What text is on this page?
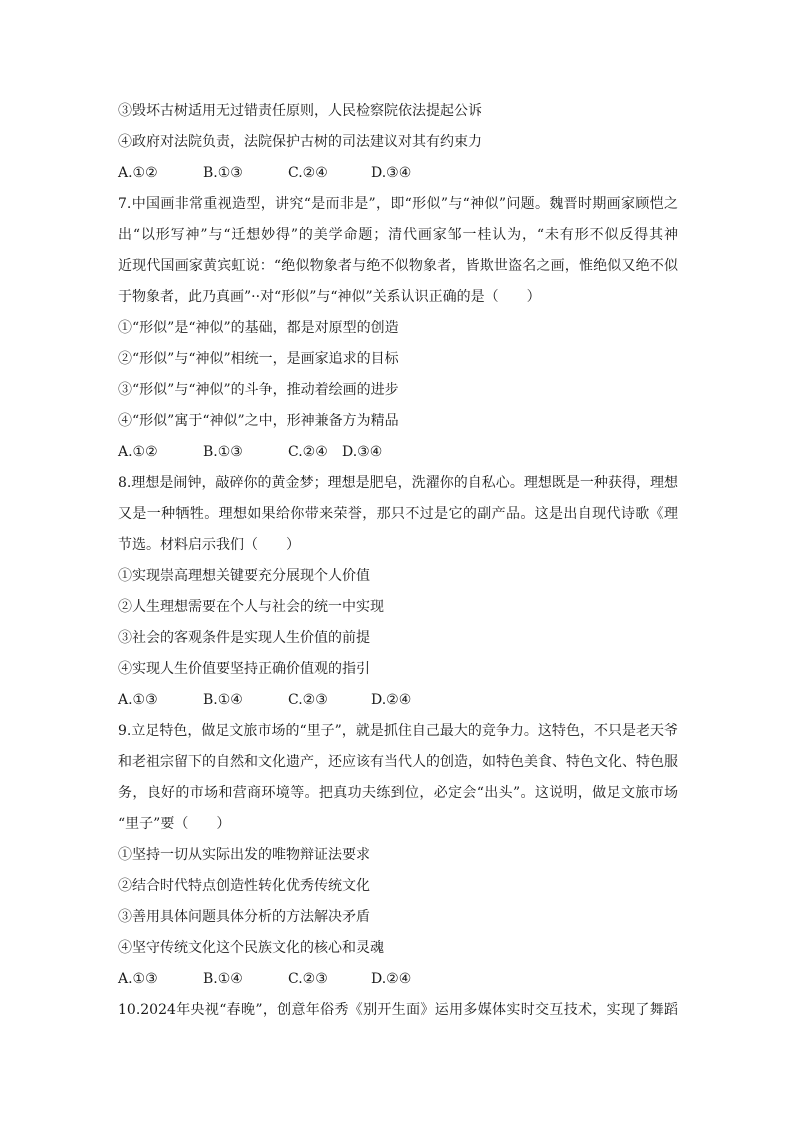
③毁坏古树适用无过错责任原则，人民检察院依法提起公诉
④政府对法院负责，法院保护古树的司法建议对其有约束力
A.①②	B.①③	C.②④	D.③④
7.中国画非常重视造型，讲究“是而非是”，即“形似”与“神似”问题。魏晋时期画家顾恺之
出“以形写神”与“迁想妙得”的美学命题；清代画家邹一桂认为，“未有形不似反得其神
近现代国画家黄宾虹说：“绝似物象者与绝不似物象者，皆欺世盗名之画，惟绝似又绝不似
于物象者，此乃真画”··对“形似”与“神似”关系认识正确的是（　　）
①“形似”是“神似”的基础，都是对原型的创造
②“形似”与“神似”相统一，是画家追求的目标
③“形似”与“神似”的斗争，推动着绘画的进步
④“形似”寓于“神似”之中，形神兼备方为精品
A.①②	B.①③	C.②④	D.③④
8.理想是闹钟，敲碎你的黄金梦；理想是肥皂，洗濯你的自私心。理想既是一种获得，理想
又是一种牺牲。理想如果给你带来荣誉，那只不过是它的副产品。这是出自现代诗歌《理
节选。材料启示我们（　　）
①实现崇高理想关键要充分展现个人价值
②人生理想需要在个人与社会的统一中实现
③社会的客观条件是实现人生价值的前提
④实现人生价值要坚持正确价值观的指引
A.①③	B.①④	C.②③	D.②④
9.立足特色，做足文旅市场的“里子”，就是抓住自己最大的竞争力。这特色，不只是老天爷
和老祖宗留下的自然和文化遗产，还应该有当代人的创造，如特色美食、特色文化、特色服
务，良好的市场和营商环境等。把真功夫练到位，必定会“出头”。这说明，做足文旅市场
“里子”要（　　）
①坚持一切从实际出发的唯物辩证法要求
②结合时代特点创造性转化优秀传统文化
③善用具体问题具体分析的方法解决矛盾
④坚守传统文化这个民族文化的核心和灵魂
A.①③	B.①④	C.②③	D.②④
10.2024年央视“春晚”，创意年俗秀《别开生面》运用多媒体实时交互技术，实现了舞蹈
